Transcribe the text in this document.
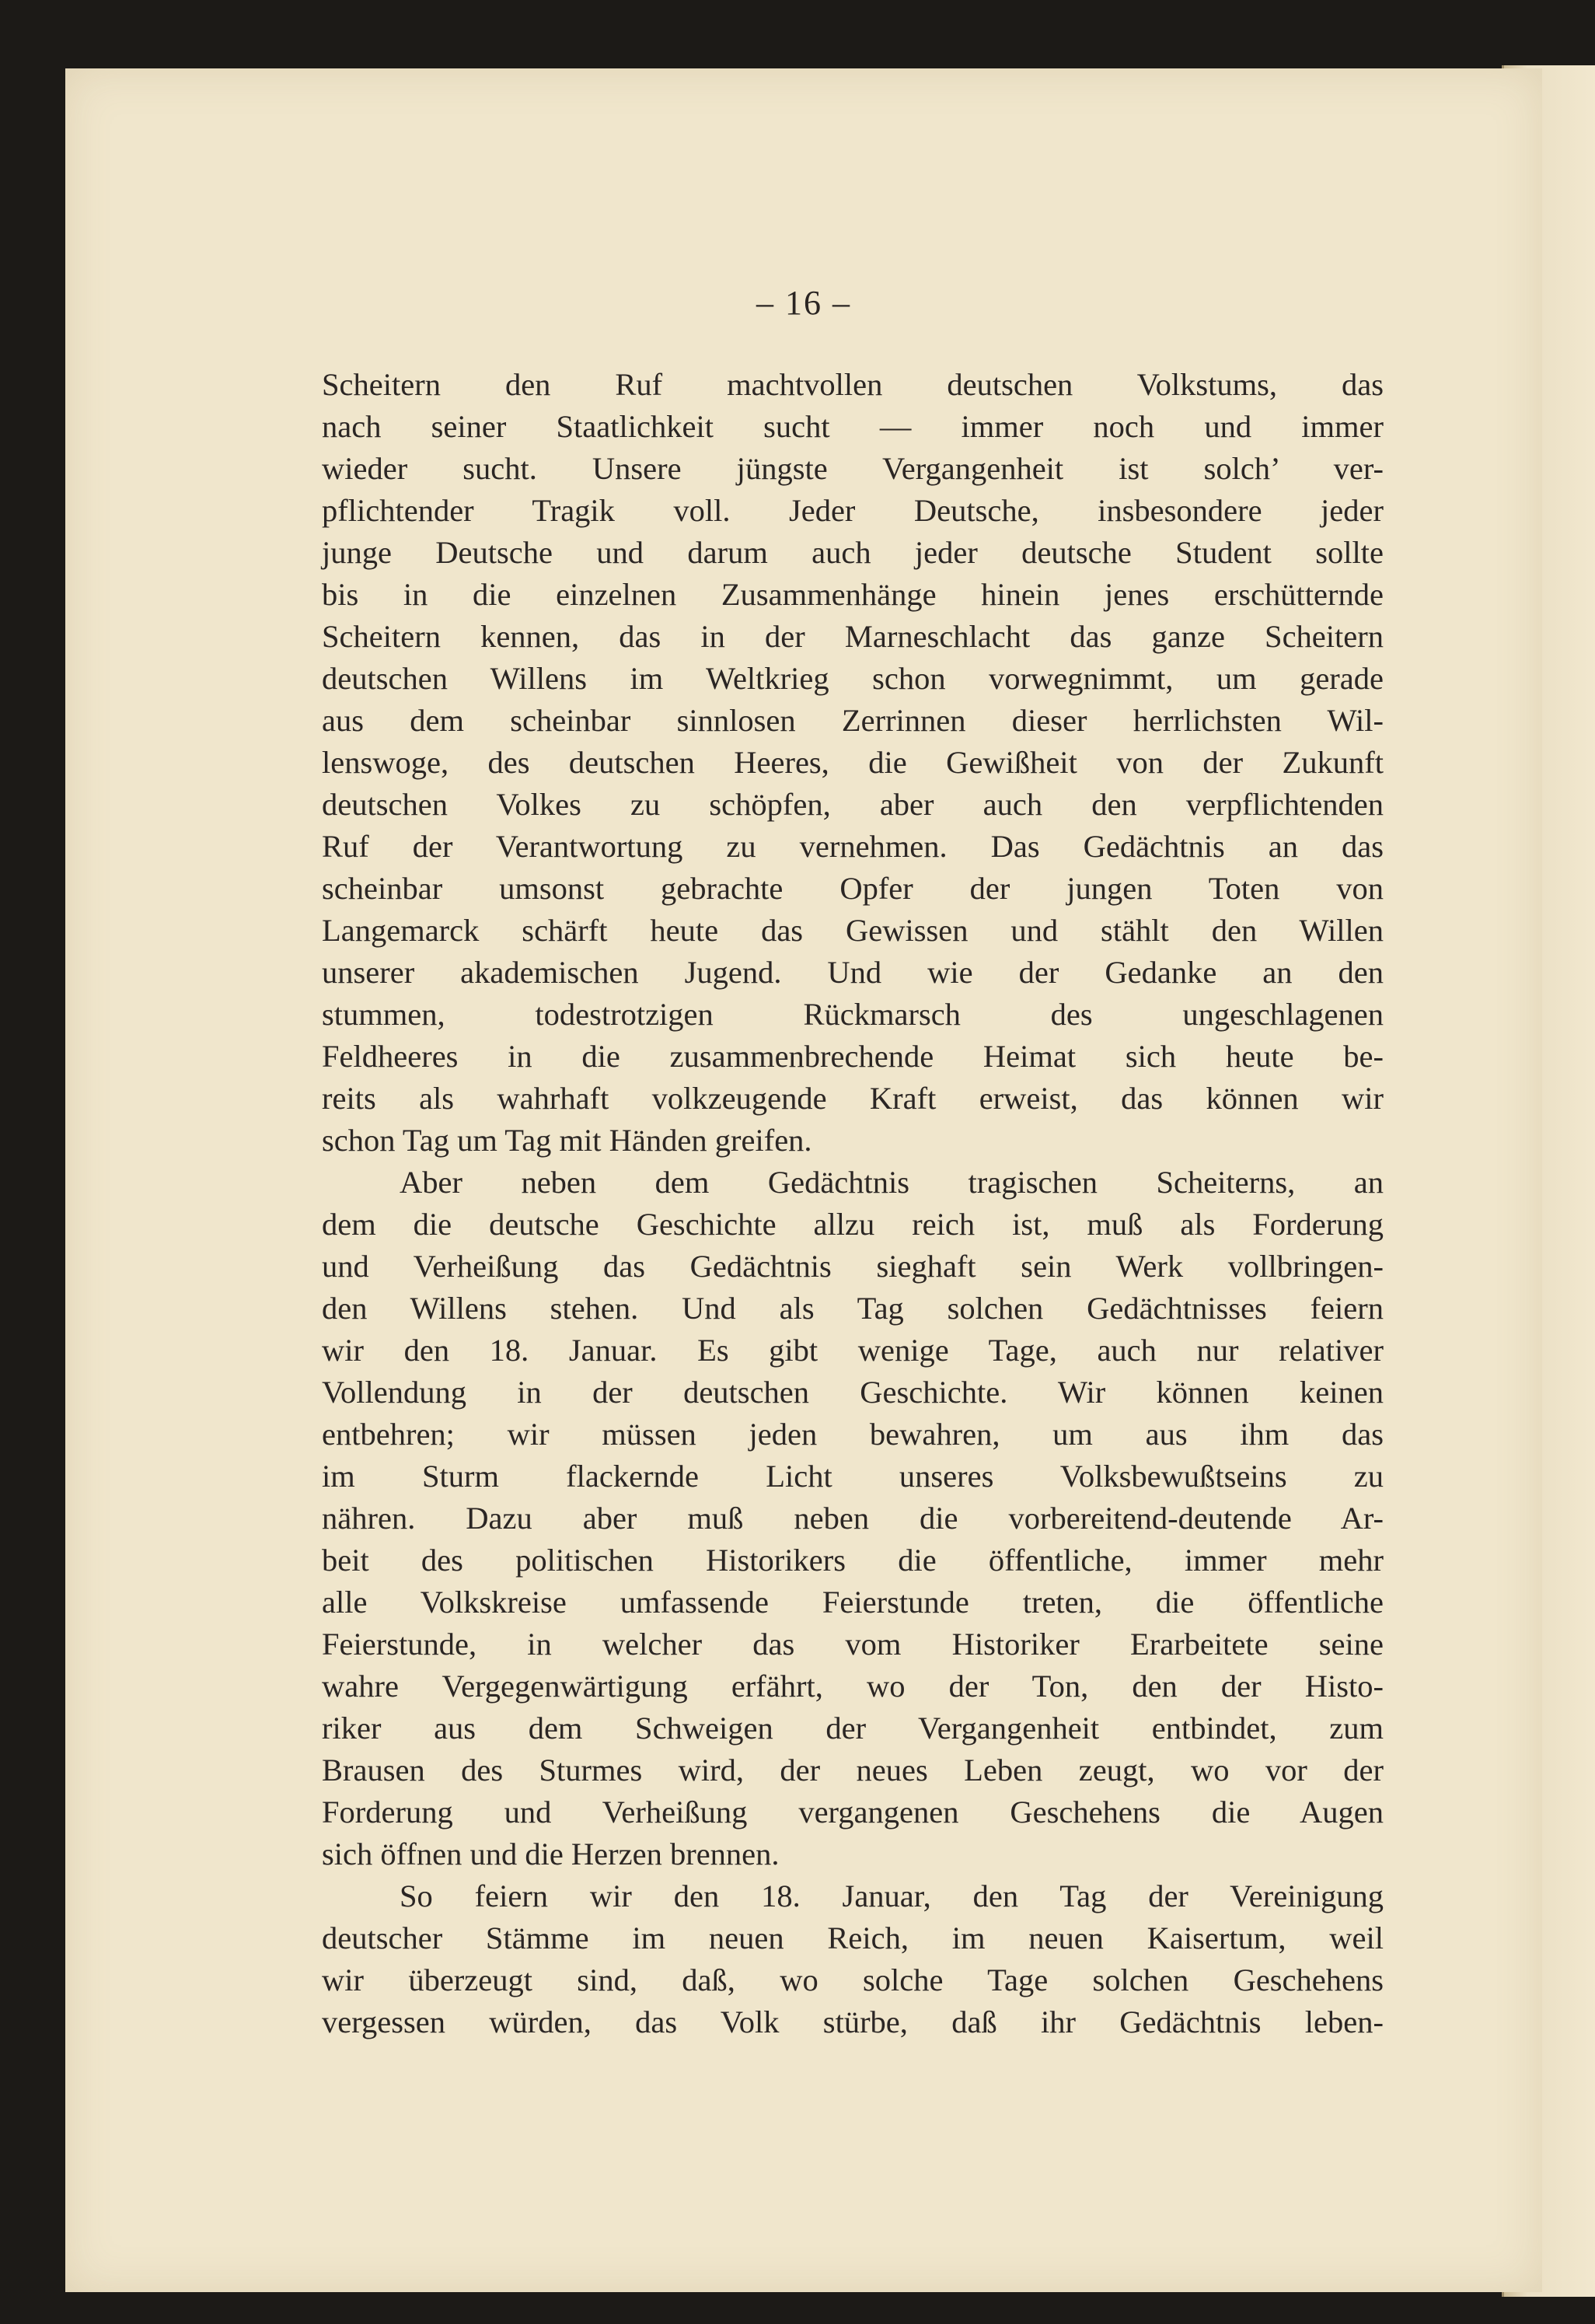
– 16 –
Scheitern den Ruf machtvollen deutschen Volkstums, das
nach seiner Staatlichkeit sucht — immer noch und immer
wieder sucht. Unsere jüngste Vergangenheit ist solch’ ver-
pflichtender Tragik voll. Jeder Deutsche, insbesondere jeder
junge Deutsche und darum auch jeder deutsche Student sollte
bis in die einzelnen Zusammenhänge hinein jenes erschütternde
Scheitern kennen, das in der Marneschlacht das ganze Scheitern
deutschen Willens im Weltkrieg schon vorwegnimmt, um gerade
aus dem scheinbar sinnlosen Zerrinnen dieser herrlichsten Wil-
lenswoge, des deutschen Heeres, die Gewißheit von der Zukunft
deutschen Volkes zu schöpfen, aber auch den verpflichtenden
Ruf der Verantwortung zu vernehmen. Das Gedächtnis an das
scheinbar umsonst gebrachte Opfer der jungen Toten von
Langemarck schärft heute das Gewissen und stählt den Willen
unserer akademischen Jugend. Und wie der Gedanke an den
stummen, todestrotzigen Rückmarsch des ungeschlagenen
Feldheeres in die zusammenbrechende Heimat sich heute be-
reits als wahrhaft volkzeugende Kraft erweist, das können wir
schon Tag um Tag mit Händen greifen.
Aber neben dem Gedächtnis tragischen Scheiterns, an
dem die deutsche Geschichte allzu reich ist, muß als Forderung
und Verheißung das Gedächtnis sieghaft sein Werk vollbringen-
den Willens stehen. Und als Tag solchen Gedächtnisses feiern
wir den 18. Januar. Es gibt wenige Tage, auch nur relativer
Vollendung in der deutschen Geschichte. Wir können keinen
entbehren; wir müssen jeden bewahren, um aus ihm das
im Sturm flackernde Licht unseres Volksbewußtseins zu
nähren. Dazu aber muß neben die vorbereitend-deutende Ar-
beit des politischen Historikers die öffentliche, immer mehr
alle Volkskreise umfassende Feierstunde treten, die öffentliche
Feierstunde, in welcher das vom Historiker Erarbeitete seine
wahre Vergegenwärtigung erfährt, wo der Ton, den der Histo-
riker aus dem Schweigen der Vergangenheit entbindet, zum
Brausen des Sturmes wird, der neues Leben zeugt, wo vor der
Forderung und Verheißung vergangenen Geschehens die Augen
sich öffnen und die Herzen brennen.
So feiern wir den 18. Januar, den Tag der Vereinigung
deutscher Stämme im neuen Reich, im neuen Kaisertum, weil
wir überzeugt sind, daß, wo solche Tage solchen Geschehens
vergessen würden, das Volk stürbe, daß ihr Gedächtnis leben-
